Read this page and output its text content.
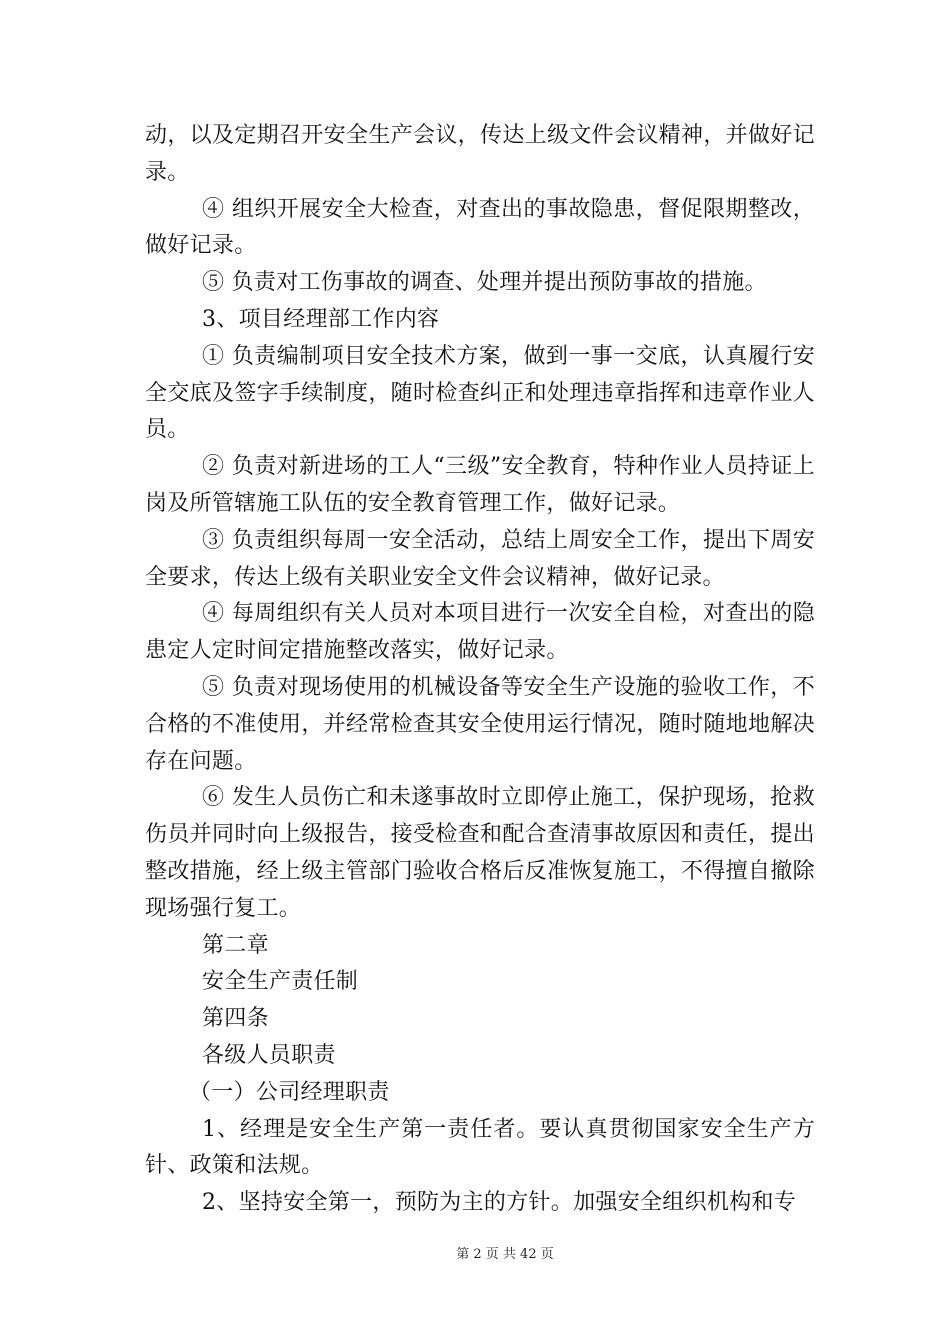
动，以及定期召开安全生产会议，传达上级文件会议精神，并做好记录。

④ 组织开展安全大检查，对查出的事故隐患，督促限期整改，做好记录。

⑤ 负责对工伤事故的调查、处理并提出预防事故的措施。

3、项目经理部工作内容

① 负责编制项目安全技术方案，做到一事一交底，认真履行安全交底及签字手续制度，随时检查纠正和处理违章指挥和违章作业人员。

② 负责对新进场的工人“三级”安全教育，特种作业人员持证上岗及所管辖施工队伍的安全教育管理工作，做好记录。

③ 负责组织每周一安全活动，总结上周安全工作，提出下周安全要求，传达上级有关职业安全文件会议精神，做好记录。

④ 每周组织有关人员对本项目进行一次安全自检，对查出的隐患定人定时间定措施整改落实，做好记录。

⑤ 负责对现场使用的机械设备等安全生产设施的验收工作，不合格的不准使用，并经常检查其安全使用运行情况，随时随地地解决存在问题。

⑥ 发生人员伤亡和未遂事故时立即停止施工，保护现场，抢救伤员并同时向上级报告，接受检查和配合查清事故原因和责任，提出整改措施，经上级主管部门验收合格后反准恢复施工，不得擅自撤除现场强行复工。

第二章

安全生产责任制

第四条

各级人员职责

（一）公司经理职责

1、经理是安全生产第一责任者。要认真贯彻国家安全生产方针、政策和法规。

2、坚持安全第一，预防为主的方针。加强安全组织机构和专

第 2 页 共 42 页
